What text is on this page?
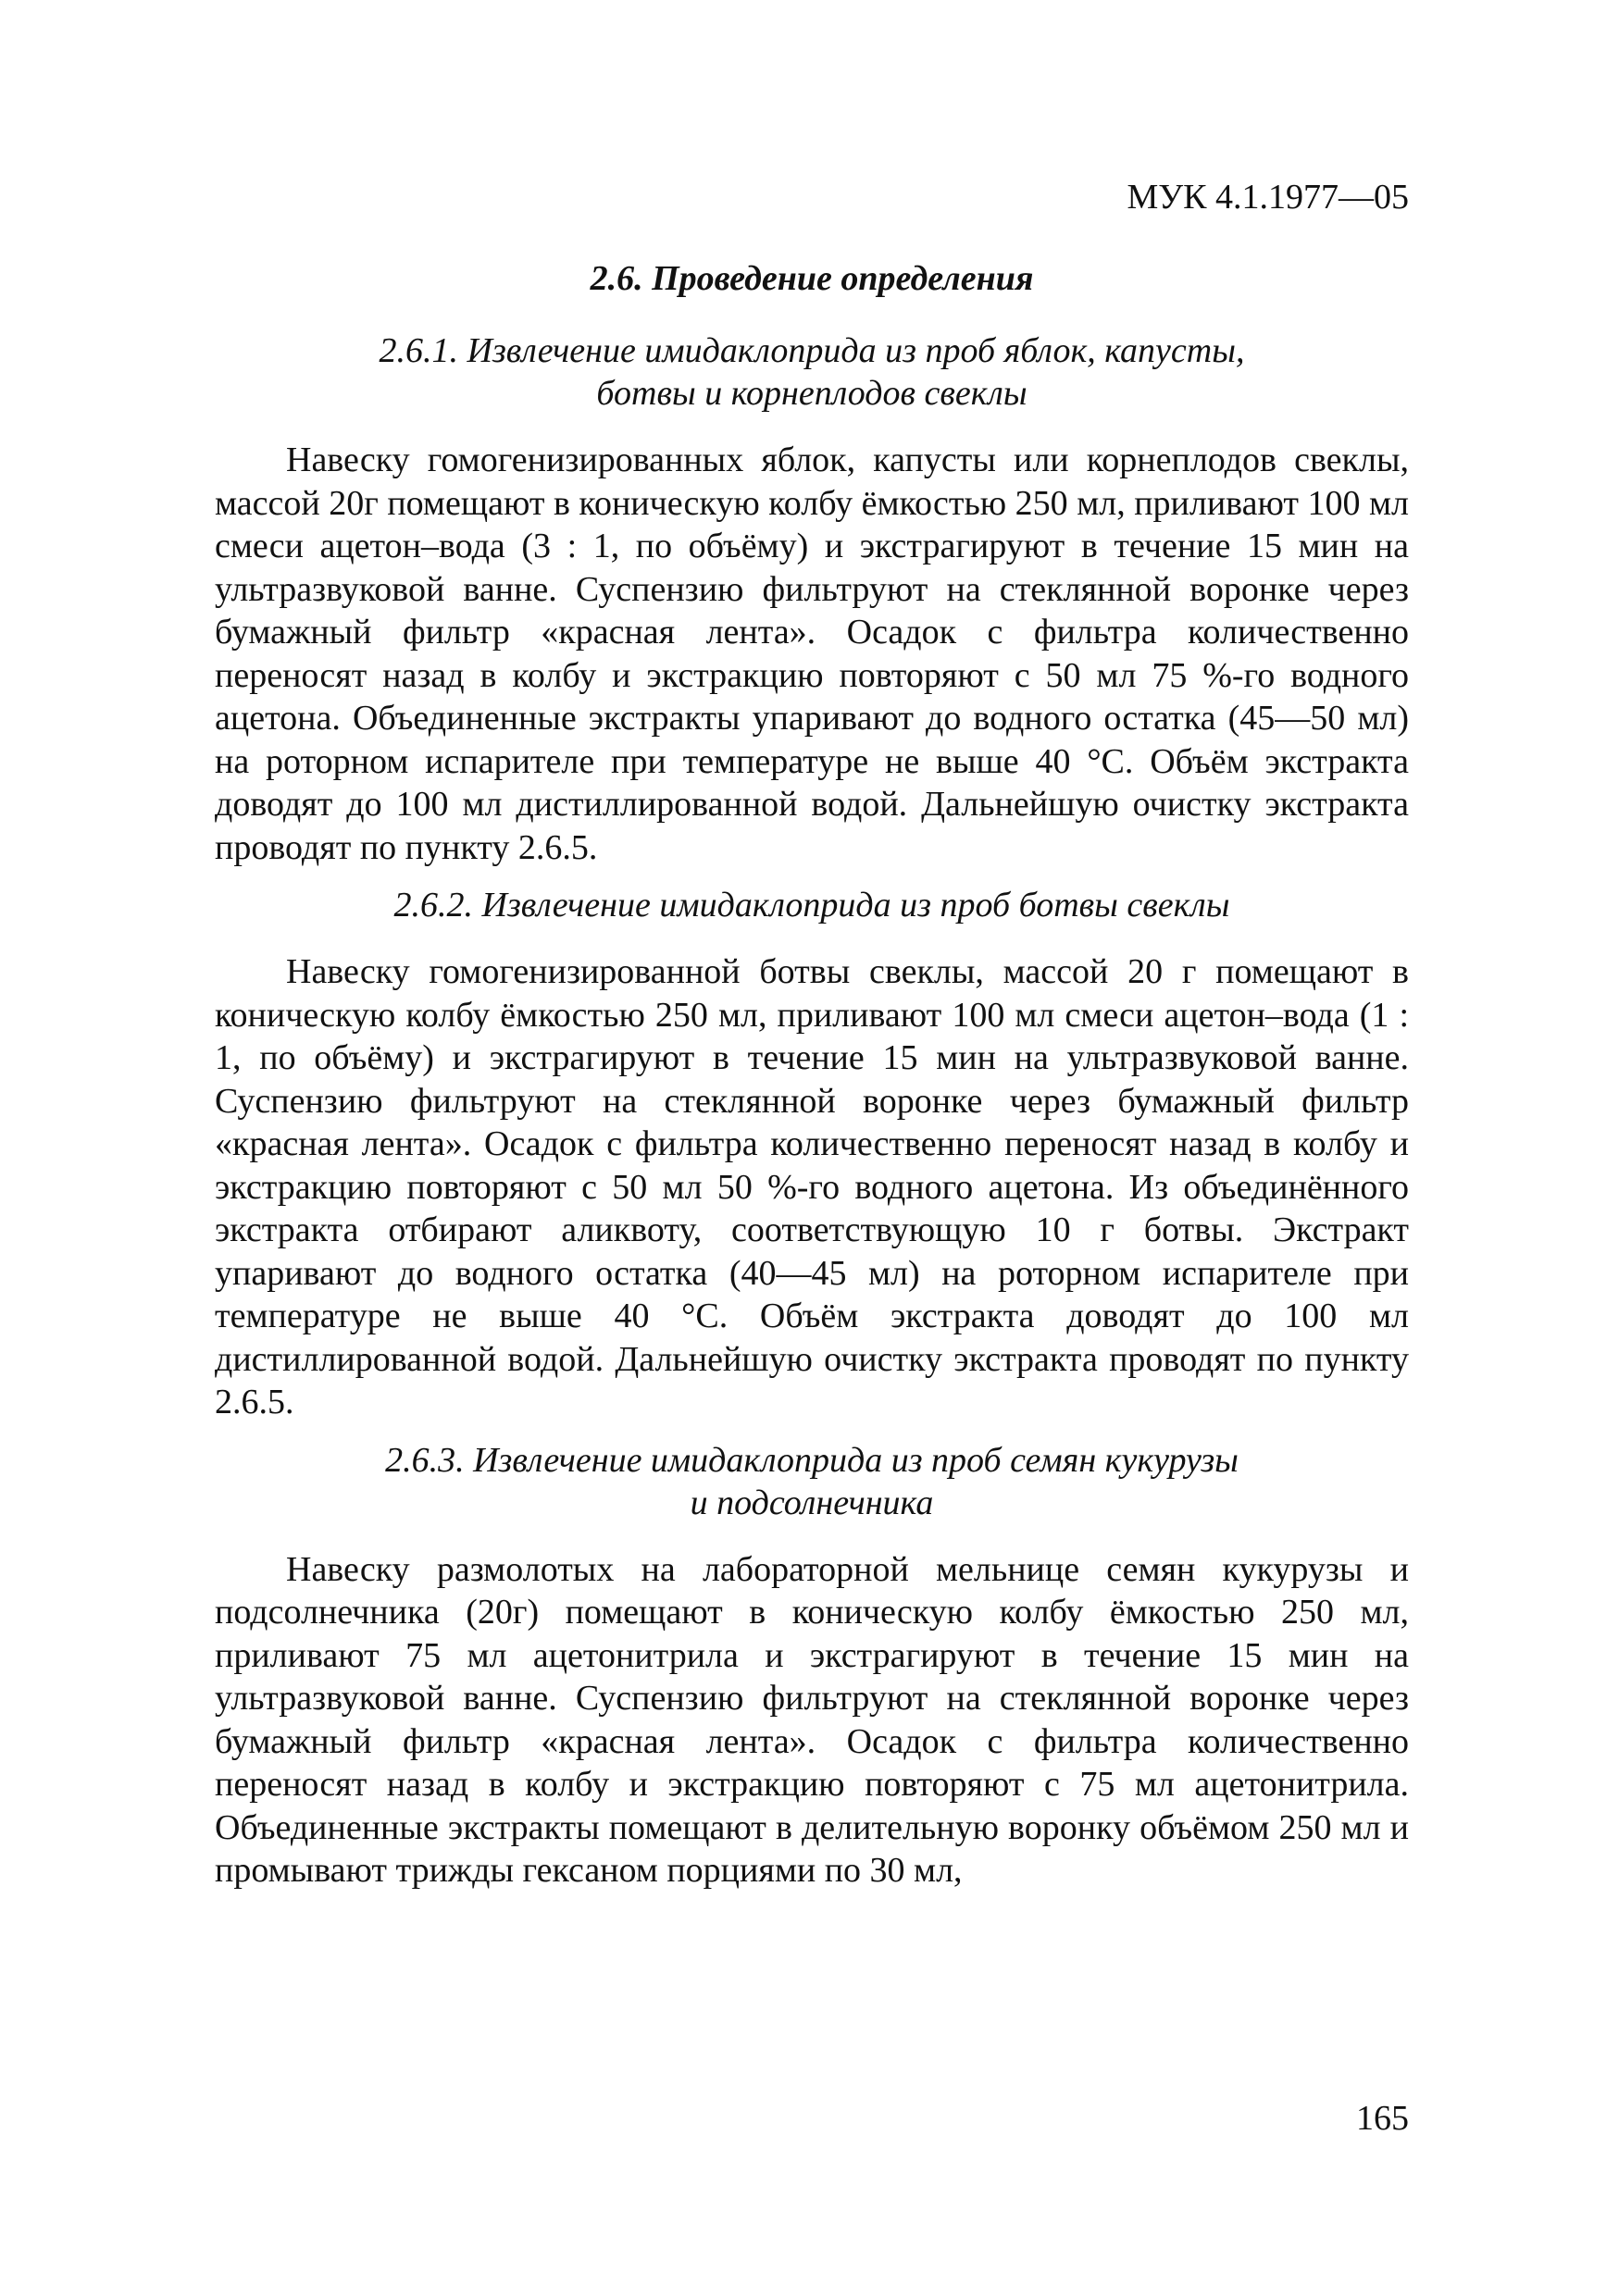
МУК 4.1.1977—05
2.6. Проведение определения
2.6.1. Извлечение имидаклоприда из проб яблок, капусты,
ботвы и корнеплодов свеклы

Навеску гомогенизированных яблок, капусты или корнеплодов свеклы, массой 20г помещают в коническую колбу ёмкостью 250 мл, приливают 100 мл смеси ацетон–вода (3 : 1, по объёму) и экстрагируют в течение 15 мин на ультразвуковой ванне. Суспензию фильтруют на стеклянной воронке через бумажный фильтр «красная лента». Осадок с фильтра количественно переносят назад в колбу и экстракцию повторяют с 50 мл 75 %-го водного ацетона. Объединенные экстракты упаривают до водного остатка (45—50 мл) на роторном испарителе при температуре не выше 40 °С. Объём экстракта доводят до 100 мл дистиллированной водой. Дальнейшую очистку экстракта проводят по пункту 2.6.5.

2.6.2. Извлечение имидаклоприда из проб ботвы свеклы

Навеску гомогенизированной ботвы свеклы, массой 20 г помещают в коническую колбу ёмкостью 250 мл, приливают 100 мл смеси ацетон–вода (1 : 1, по объёму) и экстрагируют в течение 15 мин на ультразвуковой ванне. Суспензию фильтруют на стеклянной воронке через бумажный фильтр «красная лента». Осадок с фильтра количественно переносят назад в колбу и экстракцию повторяют с 50 мл 50 %-го водного ацетона. Из объединённого экстракта отбирают аликвоту, соответствующую 10 г ботвы. Экстракт упаривают до водного остатка (40—45 мл) на роторном испарителе при температуре не выше 40 °С. Объём экстракта доводят до 100 мл дистиллированной водой. Дальнейшую очистку экстракта проводят по пункту 2.6.5.

2.6.3. Извлечение имидаклоприда из проб семян кукурузы
и подсолнечника

Навеску размолотых на лабораторной мельнице семян кукурузы и подсолнечника (20г) помещают в коническую колбу ёмкостью 250 мл, приливают 75 мл ацетонитрила и экстрагируют в течение 15 мин на ультразвуковой ванне. Суспензию фильтруют на стеклянной воронке через бумажный фильтр «красная лента». Осадок с фильтра количественно переносят назад в колбу и экстракцию повторяют с 75 мл ацетонитрила. Объединенные экстракты помещают в делительную воронку объёмом 250 мл и промывают трижды гексаном порциями по 30 мл,

165
